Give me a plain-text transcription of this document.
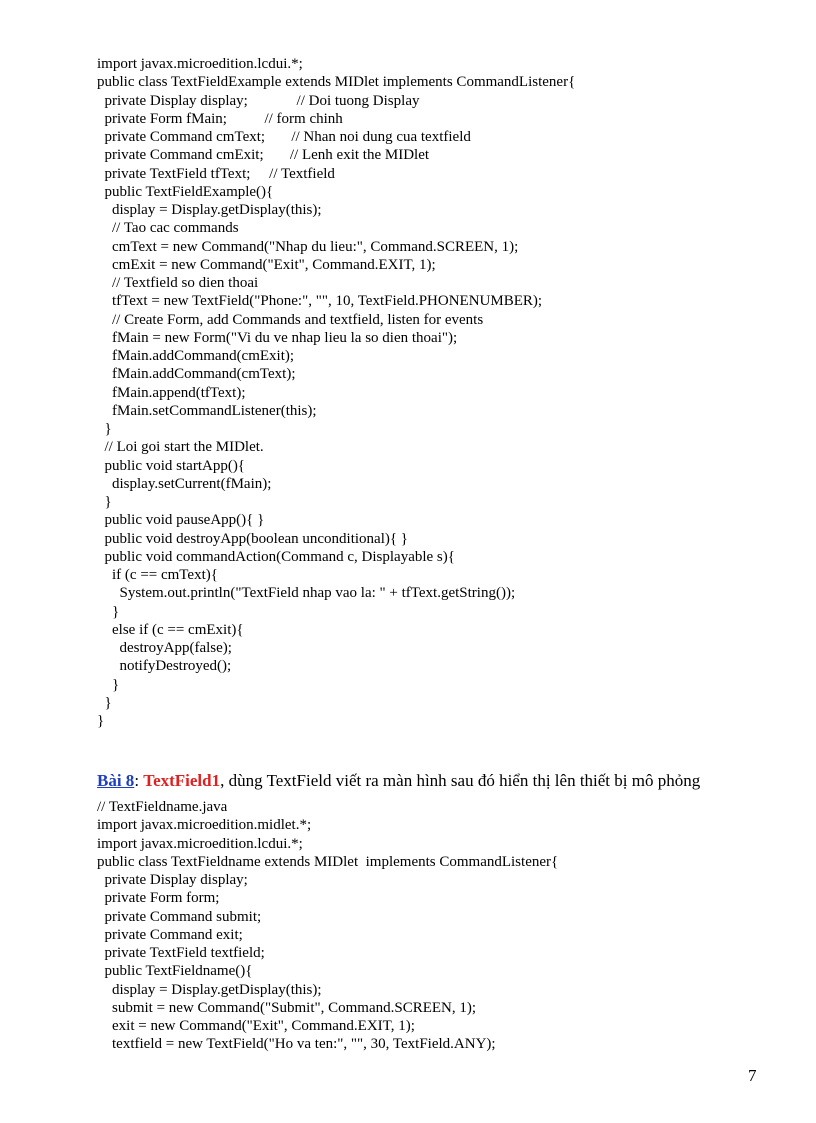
import javax.microedition.lcdui.*;
public class TextFieldExample extends MIDlet implements CommandListener{
private Display display;             // Doi tuong Display
private Form fMain;          // form chinh
private Command cmText;       // Nhan noi dung cua textfield
private Command cmExit;       // Lenh exit the MIDlet
private TextField tfText;     // Textfield
public TextFieldExample(){
display = Display.getDisplay(this);
// Tao cac commands
cmText = new Command("Nhap du lieu:", Command.SCREEN, 1);
cmExit = new Command("Exit", Command.EXIT, 1);
// Textfield so dien thoai
tfText = new TextField("Phone:", "", 10, TextField.PHONENUMBER);
// Create Form, add Commands and textfield, listen for events
fMain = new Form("Vi du ve nhap lieu la so dien thoai");
fMain.addCommand(cmExit);
fMain.addCommand(cmText);
fMain.append(tfText);
fMain.setCommandListener(this);
}
// Loi goi start the MIDlet.
public void startApp(){
display.setCurrent(fMain);
}
public void pauseApp(){ }
public void destroyApp(boolean unconditional){ }
public void commandAction(Command c, Displayable s){
if (c == cmText){
System.out.println("TextField nhap vao la: " + tfText.getString());
}
else if (c == cmExit){
destroyApp(false);
notifyDestroyed();
}
}
}
Bài 8: TextField1, dùng TextField viết ra màn hình sau đó hiển thị lên thiết bị mô phỏng
// TextFieldname.java
import javax.microedition.midlet.*;
import javax.microedition.lcdui.*;
public class TextFieldname extends MIDlet  implements CommandListener{
private Display display;
private Form form;
private Command submit;
private Command exit;
private TextField textfield;
public TextFieldname(){
display = Display.getDisplay(this);
submit = new Command("Submit", Command.SCREEN, 1);
exit = new Command("Exit", Command.EXIT, 1);
textfield = new TextField("Ho va ten:", "", 30, TextField.ANY);
7
